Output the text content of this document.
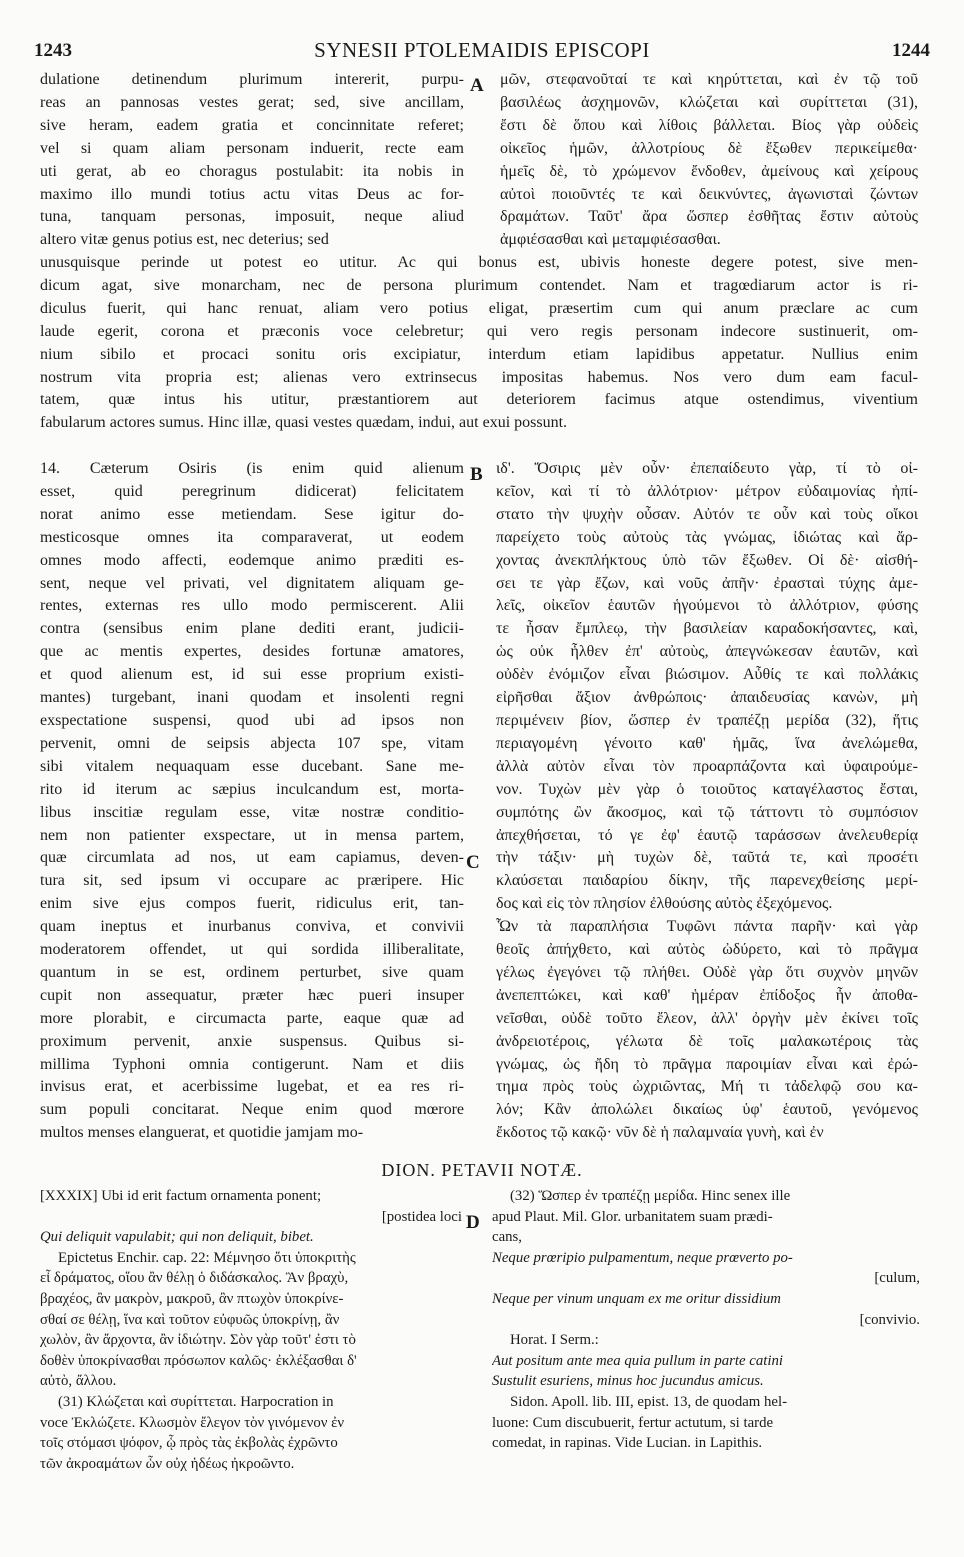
1243	SYNESII PTOLEMAIDIS EPISCOPI	1244
A
B
C
D
dulatione detinendum plurimum intererit, purpu-
reas an pannosas vestes gerat; sed, sive ancillam,
sive heram, eadem gratia et concinnitate referet;
vel si quam aliam personam induerit, recte eam
uti gerat, ab eo choragus postulabit: ita nobis in
maximo illo mundi totius actu vitas Deus ac for-
tuna, tanquam personas, imposuit, neque aliud
altero vitæ genus potius est, nec deterius; sed
μῶν, στεφανοῦταί τε καὶ κηρύττεται, καὶ ἐν τῷ τοῦ
βασιλέως ἀσχημονῶν, κλώζεται καὶ συρίττεται (31),
ἔστι δὲ ὅπου καὶ λίθοις βάλλεται. Βίος γὰρ οὐδεὶς
οἰκεῖος ἡμῶν, ἀλλοτρίους δὲ ἔξωθεν περικείμεθα·
ἡμεῖς δὲ, τὸ χρώμενον ἔνδοθεν, ἀμείνους καὶ χείρους
αὐτοὶ ποιοῦντές τε καὶ δεικνύντες, ἀγωνισταὶ ζώντων
δραμάτων. Ταῦτ' ἄρα ὥσπερ ἐσθῆτας ἔστιν αὐτοὺς
ἀμφιέσασθαι καὶ μεταμφιέσασθαι.
unusquisque perinde ut potest eo utitur. Ac qui bonus est, ubivis honeste degere potest, sive men-
dicum agat, sive monarcham, nec de persona plurimum contendet. Nam et tragœdiarum actor is ri-
diculus fuerit, qui hanc renuat, aliam vero potius eligat, præsertim cum qui anum præclare ac cum
laude egerit, corona et præconis voce celebretur; qui vero regis personam indecore sustinuerit, om-
nium sibilo et procaci sonitu oris excipiatur, interdum etiam lapidibus appetatur. Nullius enim
nostrum vita propria est; alienas vero extrinsecus impositas habemus. Nos vero dum eam facul-
tatem, quæ intus his utitur, præstantiorem aut deteriorem facimus atque ostendimus, viventium
fabularum actores sumus. Hinc illæ, quasi vestes quædam, indui, aut exui possunt.
14. Cæterum Osiris (is enim quid alienum
esset, quid peregrinum didicerat) felicitatem
norat animo esse metiendam. Sese igitur do-
mesticosque omnes ita comparaverat, ut eodem
omnes modo affecti, eodemque animo præditi es-
sent, neque vel privati, vel dignitatem aliquam ge-
rentes, externas res ullo modo permiscerent. Alii
contra (sensibus enim plane dediti erant, judicii-
que ac mentis expertes, desides fortunæ amatores,
et quod alienum est, id sui esse proprium existi-
mantes) turgebant, inani quodam et insolenti regni
exspectatione suspensi, quod ubi ad ipsos non
pervenit, omni de seipsis abjecta 107 spe, vitam
sibi vitalem nequaquam esse ducebant. Sane me-
rito id iterum ac sæpius inculcandum est, morta-
libus inscitiæ regulam esse, vitæ nostræ conditio-
nem non patienter exspectare, ut in mensa partem,
quæ circumlata ad nos, ut eam capiamus, deven-
tura sit, sed ipsum vi occupare ac præripere. Hic
enim sive ejus compos fuerit, ridiculus erit, tan-
quam ineptus et inurbanus conviva, et convivii
moderatorem offendet, ut qui sordida illiberalitate,
quantum in se est, ordinem perturbet, sive quam
cupit non assequatur, præter hæc pueri insuper
more plorabit, e circumacta parte, eaque quæ ad
proximum pervenit, anxie suspensus. Quibus si-
millima Typhoni omnia contigerunt. Nam et diis
invisus erat, et acerbissime lugebat, et ea res ri-
sum populi concitarat. Neque enim quod mœrore
multos menses elanguerat, et quotidie jamjam mo-
ιδ'. Ὄσιρις μὲν οὖν· ἐπεπαίδευτο γὰρ, τί τὸ οἰ-
κεῖον, καὶ τί τὸ ἀλλότριον· μέτρον εὐδαιμονίας ἠπί-
στατο τὴν ψυχὴν οὖσαν. Αὐτόν τε οὖν καὶ τοὺς οἴκοι
παρείχετο τοὺς αὐτοὺς τὰς γνώμας, ἰδιώτας καὶ ἄρ-
χοντας ἀνεκπλήκτους ὑπὸ τῶν ἔξωθεν. Οἱ δὲ· αἰσθή-
σει τε γὰρ ἔζων, καὶ νοῦς ἀπῆν· ἐρασταὶ τύχης ἀμε-
λεῖς, οἰκεῖον ἑαυτῶν ἡγούμενοι τὸ ἀλλότριον, φύσης
τε ἦσαν ἔμπλεῳ, τὴν βασιλείαν καραδοκήσαντες, καὶ,
ὡς οὐκ ἦλθεν ἐπ' αὐτοὺς, ἀπεγνώκεσαν ἑαυτῶν, καὶ
οὐδὲν ἐνόμιζον εἶναι βιώσιμον. Αὖθίς τε καὶ πολλάκις
εἰρῆσθαι ἄξιον ἀνθρώποις· ἀπαιδευσίας κανὼν, μὴ
περιμένειν βίον, ὥσπερ ἐν τραπέζῃ μερίδα (32), ἥτις
περιαγομένη γένοιτο καθ' ἡμᾶς, ἵνα ἀνελώμεθα,
ἀλλὰ αὐτὸν εἶναι τὸν προαρπάζοντα καὶ ὑφαιρούμε-
νον. Τυχὼν μὲν γὰρ ὁ τοιοῦτος καταγέλαστος ἔσται,
συμπότης ὢν ἄκοσμος, καὶ τῷ τάττοντι τὸ συμπόσιον
ἀπεχθήσεται, τό γε ἐφ' ἑαυτῷ ταράσσων ἀνελευθερίᾳ
τὴν τάξιν· μὴ τυχὼν δὲ, ταῦτά τε, καὶ προσέτι
κλαύσεται παιδαρίου δίκην, τῆς παρενεχθείσης μερί-
δος καὶ εἰς τὸν πλησίον ἐλθούσης αὐτὸς ἐξεχόμενος.
Ὧν τὰ παραπλήσια Τυφῶνι πάντα παρῆν· καὶ γὰρ
θεοῖς ἀπήχθετο, καὶ αὐτὸς ὠδύρετο, καὶ τὸ πρᾶγμα
γέλως ἐγεγόνει τῷ πλήθει. Οὐδὲ γὰρ ὅτι συχνὸν μηνῶν
ἀνεπεπτώκει, καὶ καθ' ἡμέραν ἐπίδοξος ἦν ἀποθα-
νεῖσθαι, οὐδὲ τοῦτο ἔλεον, ἀλλ' ὀργὴν μὲν ἐκίνει τοῖς
ἀνδρειοτέροις, γέλωτα δὲ τοῖς μαλακωτέροις τὰς
γνώμας, ὡς ἤδη τὸ πρᾶγμα παροιμίαν εἶναι καὶ ἐρώ-
τημα πρὸς τοὺς ὠχριῶντας, Μή τι τἀδελφῷ σου κα-
λόν; Κἂν ἀπολώλει δικαίως ὑφ' ἑαυτοῦ, γενόμενος
ἔκδοτος τῷ κακῷ· νῦν δὲ ἡ παλαμναία γυνὴ, καὶ ἐν
DION. PETAVII NOTÆ.
[XXXIX] Ubi id erit factum ornamenta ponent;
[postidea loci
Qui deliquit vapulabit; qui non deliquit, bibet.
Epictetus Enchir. cap. 22: Μέμνησο ὅτι ὑποκριτὴς
εἶ δράματος, οἵου ἂν θέλῃ ὁ διδάσκαλος. Ἂν βραχὺ,
βραχέος, ἂν μακρὸν, μακροῦ, ἂν πτωχὸν ὑποκρίνε-
σθαί σε θέλῃ, ἵνα καὶ τοῦτον εὐφυῶς ὑποκρίνῃ, ἂν
χωλὸν, ἂν ἄρχοντα, ἂν ἰδιώτην. Σὸν γὰρ τοῦτ' ἐστι τὸ
δοθὲν ὑποκρίνασθαι πρόσωπον καλῶς· ἐκλέξασθαι δ'
αὐτὸ, ἄλλου.
(31) Κλώζεται καὶ συρίττεται. Harpocration in
voce Ἐκλώζετε. Κλωσμὸν ἔλεγον τὸν γινόμενον ἐν
τοῖς στόμασι ψόφον, ᾧ πρὸς τὰς ἐκβολὰς ἐχρῶντο
τῶν ἀκροαμάτων ὧν οὐχ ἡδέως ἠκροῶντο.
(32) Ὥσπερ ἐν τραπέζῃ μερίδα. Hinc senex ille
apud Plaut. Mil. Glor. urbanitatem suam prædi-
cans,
Neque prœripio pulpamentum, neque prœverto po-
[culum,
Neque per vinum unquam ex me oritur dissidium
[convivio.
Horat. I Serm.:
Aut positum ante mea quia pullum in parte catini
Sustulit esuriens, minus hoc jucundus amicus.
Sidon. Apoll. lib. III, epist. 13, de quodam hel-
luone: Cum discubuerit, fertur actutum, si tarde
comedat, in rapinas. Vide Lucian. in Lapithis.
